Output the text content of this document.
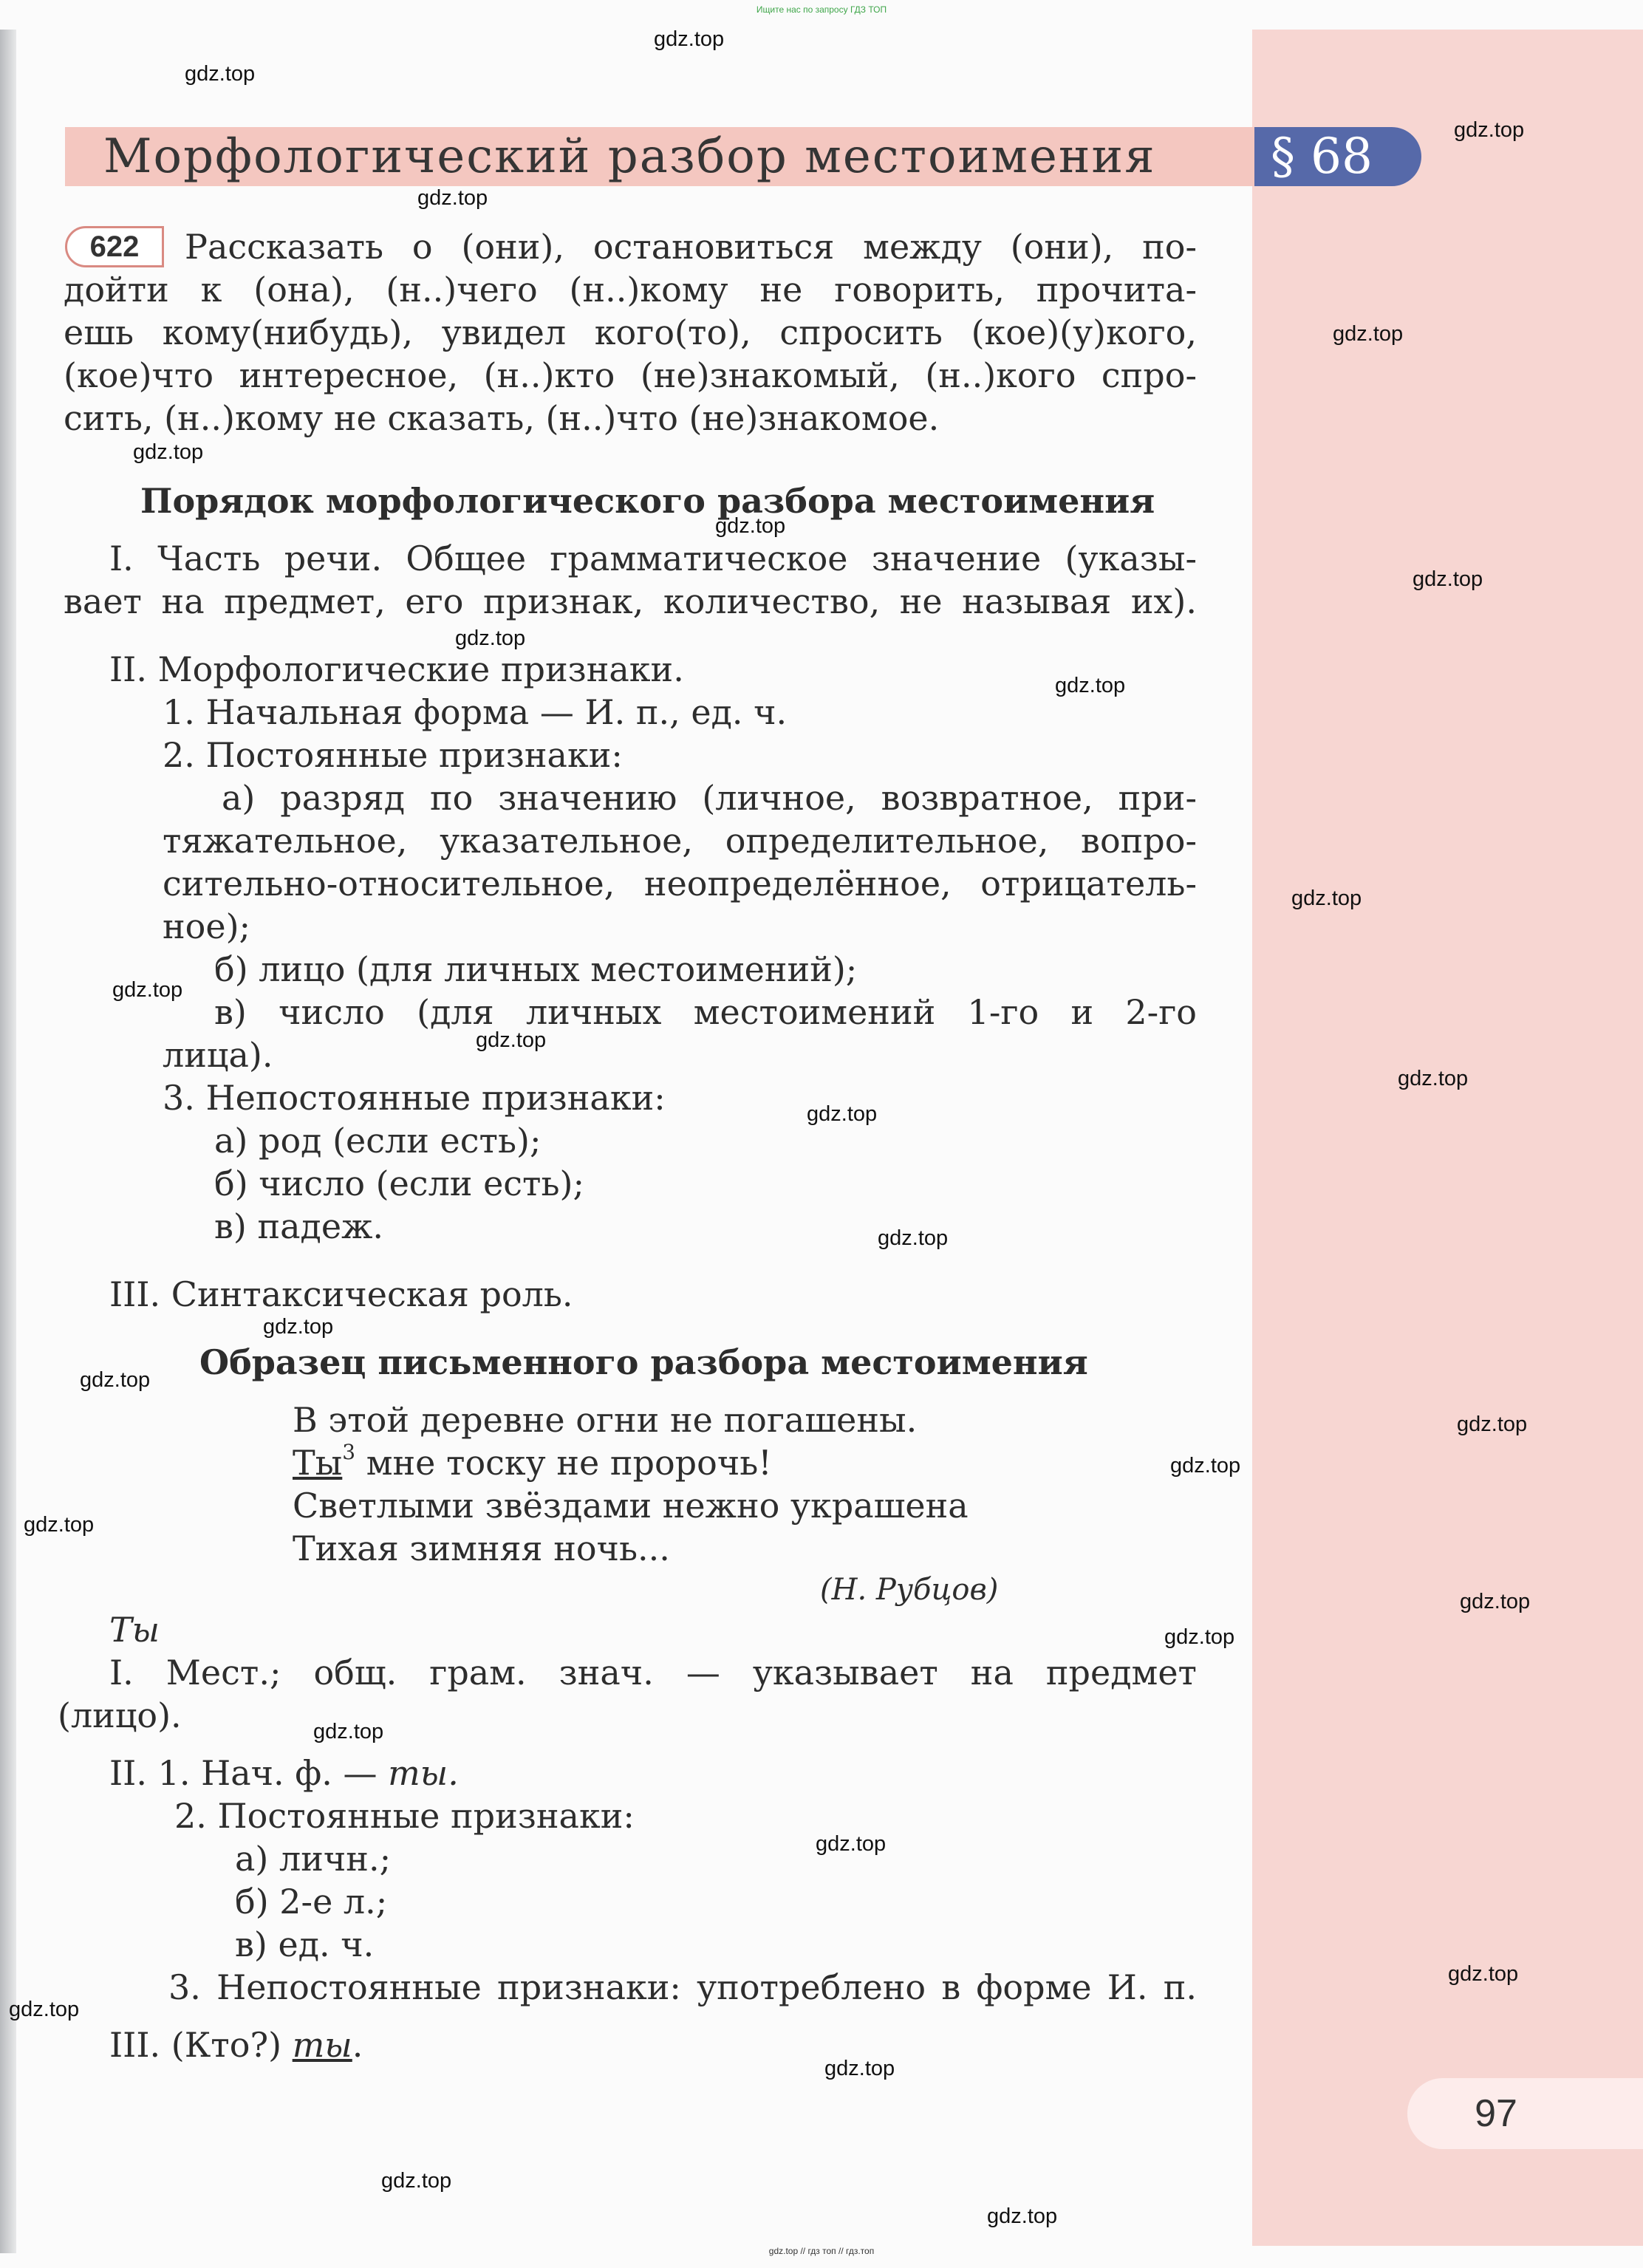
Ищите нас по запросу ГДЗ ТОП
Морфологический разбор местоимения	§ 68
622	Рассказать о (они), остановиться между (они), по-
дойти к (она), (н..)чего (н..)кому не говорить, прочита-
ешь кому(нибудь), увидел кого(то), спросить (кое)(у)кого,
(кое)что интересное, (н..)кто (не)знакомый, (н..)кого спро-
сить, (н..)кому не сказать, (н..)что (не)знакомое.
Порядок морфологического разбора местоимения
I. Часть речи. Общее грамматическое значение (указы-
вает на предмет, его признак, количество, не называя их).
II. Морфологические признаки.
1. Начальная форма — И. п., ед. ч.
2. Постоянные признаки:
а) разряд по значению (личное, возвратное, при-
тяжательное, указательное, определительное, вопро-
сительно-относительное, неопределённое, отрицатель-
ное);
б) лицо (для личных местоимений);
в) число (для личных местоимений 1-го и 2-го
лица).
3. Непостоянные признаки:
а) род (если есть);
б) число (если есть);
в) падеж.
III. Синтаксическая роль.
Образец письменного разбора местоимения
В этой деревне огни не погашены.
$Ты^3$ мне тоску не пророчь!
Светлыми звёздами нежно украшена
Тихая зимняя ночь...
(Н. Рубцов)
Ты
I. Мест.; общ. грам. знач. — указывает на предмет
(лицо).
II. 1. Нач. ф. — ты.
2. Постоянные признаки:
а) личн.;
б) 2-е л.;
в) ед. ч.
3. Непостоянные признаки: употреблено в форме И. п.
III. (Кто?) ты.
97
gdz.top // гдз топ // гдз.топ
gdz.top
gdz.top
gdz.top
gdz.top
gdz.top
gdz.top
gdz.top
gdz.top
gdz.top
gdz.top
gdz.top
gdz.top
gdz.top
gdz.top
gdz.top
gdz.top
gdz.top
gdz.top
gdz.top
gdz.top
gdz.top
gdz.top
gdz.top
gdz.top
gdz.top
gdz.top
gdz.top
gdz.top
gdz.top
gdz.top
